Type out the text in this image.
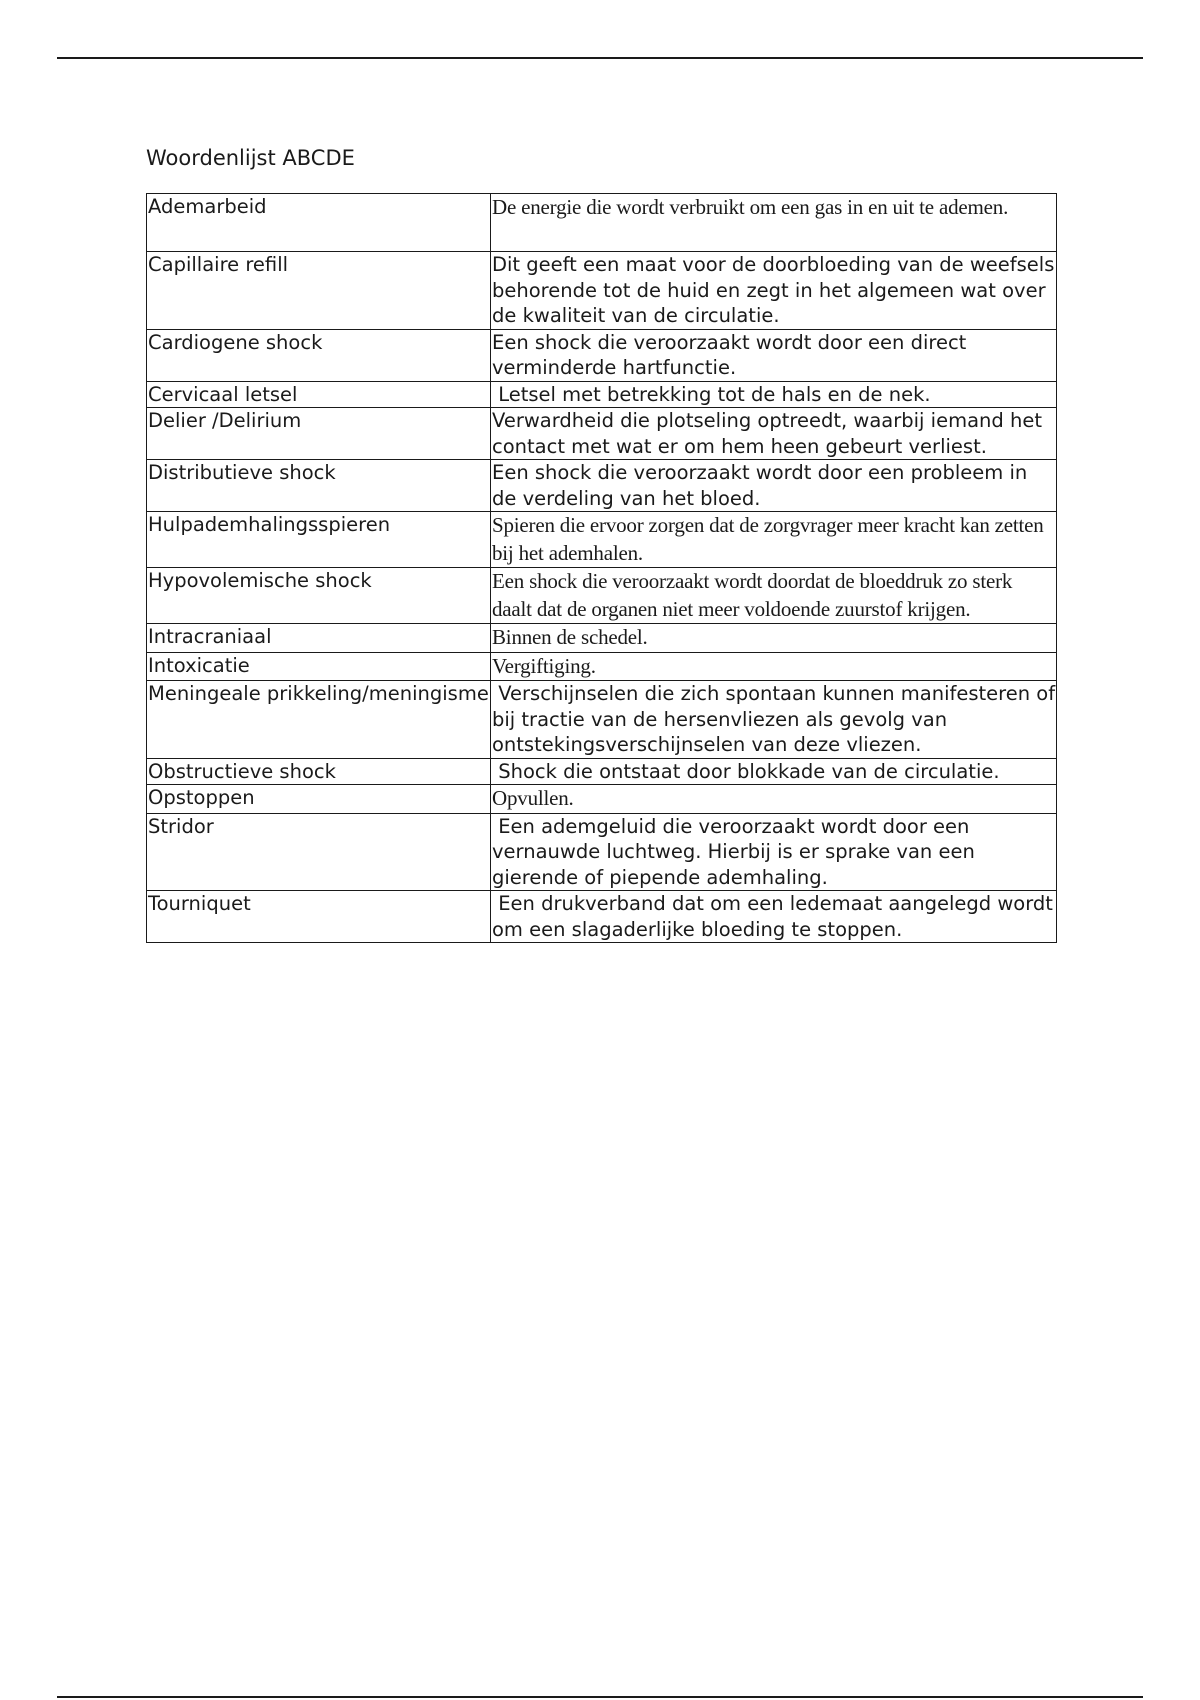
Woordenlijst ABCDE
Ademarbeid	De energie die wordt verbruikt om een gas in en uit te ademen.
Capillaire refill	Dit geeft een maat voor de doorbloeding van de weefsels behorende tot de huid en zegt in het algemeen wat over de kwaliteit van de circulatie.
Cardiogene shock	Een shock die veroorzaakt wordt door een direct verminderde hartfunctie.
Cervicaal letsel	Letsel met betrekking tot de hals en de nek.
Delier /Delirium	Verwardheid die plotseling optreedt, waarbij iemand het contact met wat er om hem heen gebeurt verliest.
Distributieve shock	Een shock die veroorzaakt wordt door een probleem in de verdeling van het bloed.
Hulpademhalingsspieren	Spieren die ervoor zorgen dat de zorgvrager meer kracht kan zetten bij het ademhalen.
Hypovolemische shock	Een shock die veroorzaakt wordt doordat de bloeddruk zo sterk daalt dat de organen niet meer voldoende zuurstof krijgen.
Intracraniaal	Binnen de schedel.
Intoxicatie	Vergiftiging.
Meningeale prikkeling/meningisme	Verschijnselen die zich spontaan kunnen manifesteren of bij tractie van de hersenvliezen als gevolg van ontstekingsverschijnselen van deze vliezen.
Obstructieve shock	Shock die ontstaat door blokkade van de circulatie.
Opstoppen	Opvullen.
Stridor	Een ademgeluid die veroorzaakt wordt door een vernauwde luchtweg. Hierbij is er sprake van een gierende of piepende ademhaling.
Tourniquet	Een drukverband dat om een ledemaat aangelegd wordt om een slagaderlijke bloeding te stoppen.
